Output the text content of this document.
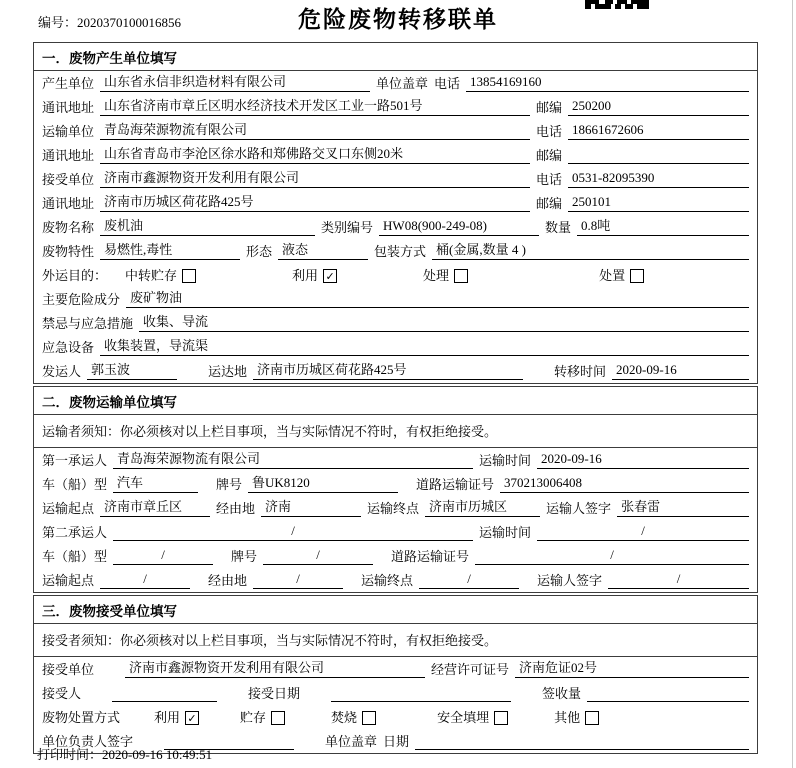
编号：2020370100016856	危险废物转移联单
一．废物产生单位填写
产生单位 山东省永信非织造材料有限公司	单位盖章 电话 13854169160
通讯地址 山东省济南市章丘区明水经济技术开发区工业一路501号	邮编 250200
运输单位 青岛海荣源物流有限公司	电话 18661672606
通讯地址 山东省青岛市李沧区徐水路和郑佛路交叉口东侧20米	邮编
接受单位 济南市鑫源物资开发利用有限公司	电话 0531-82095390
通讯地址 济南市历城区荷花路425号	邮编 250101
废物名称 废机油	类别编号 HW08(900-249-08)	数量 0.8吨
废物特性 易燃性,毒性	形态 液态	包装方式 桶(金属,数量 4 )
外运目的： 中转贮存	利用 ✓	处理	处置
主要危险成分 废矿物油
禁忌与应急措施 收集、导流
应急设备 收集装置，导流渠
发运人 郭玉波	运达地 济南市历城区荷花路425号	转移时间 2020-09-16
二．废物运输单位填写
运输者须知：你必须核对以上栏目事项，当与实际情况不符时，有权拒绝接受。
第一承运人 青岛海荣源物流有限公司	运输时间 2020-09-16
车（船）型 汽车	牌号 鲁UK8120	道路运输证号 370213006408
运输起点 济南市章丘区	经由地 济南	运输终点 济南市历城区	运输人签字 张春雷
第二承运人	/	运输时间	/
车（船）型	/	牌号	/	道路运输证号	/
运输起点	/	经由地	/	运输终点	/	运输人签字	/
三．废物接受单位填写
接受者须知：你必须核对以上栏目事项，当与实际情况不符时，有权拒绝接受。
接受单位	济南市鑫源物资开发利用有限公司	经营许可证号 济南危证02号
接受人	接受日期	签收量
废物处置方式	利用 ✓	贮存	焚烧	安全填埋	其他
单位负责人签字	单位盖章 日期
打印时间：2020-09-16 10:49:51
